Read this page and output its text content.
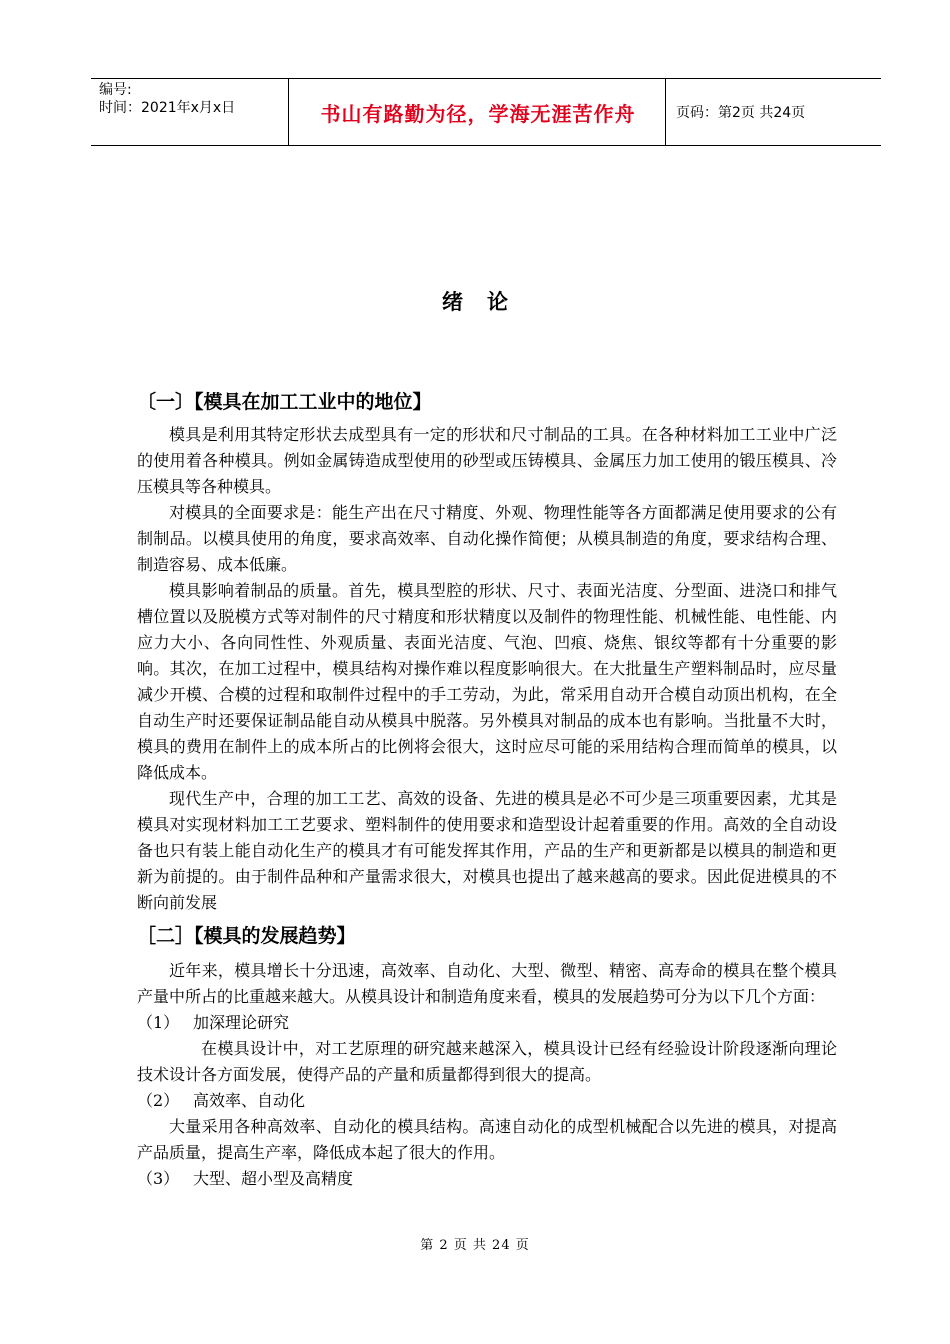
编号:
时间：2021年x月x日	书山有路勤为径，学海无涯苦作舟	页码：第2页 共24页
绪论
〔一〕【模具在加工工业中的地位】

模具是利用其特定形状去成型具有一定的形状和尺寸制品的工具。在各种材料加工工业中广泛的使用着各种模具。例如金属铸造成型使用的砂型或压铸模具、金属压力加工使用的锻压模具、冷压模具等各种模具。

对模具的全面要求是：能生产出在尺寸精度、外观、物理性能等各方面都满足使用要求的公有制制品。以模具使用的角度，要求高效率、自动化操作简便；从模具制造的角度，要求结构合理、制造容易、成本低廉。

模具影响着制品的质量。首先，模具型腔的形状、尺寸、表面光洁度、分型面、进浇口和排气槽位置以及脱模方式等对制件的尺寸精度和形状精度以及制件的物理性能、机械性能、电性能、内应力大小、各向同性性、外观质量、表面光洁度、气泡、凹痕、烧焦、银纹等都有十分重要的影响。其次，在加工过程中，模具结构对操作难以程度影响很大。在大批量生产塑料制品时，应尽量减少开模、合模的过程和取制件过程中的手工劳动，为此，常采用自动开合模自动顶出机构，在全自动生产时还要保证制品能自动从模具中脱落。另外模具对制品的成本也有影响。当批量不大时，模具的费用在制件上的成本所占的比例将会很大，这时应尽可能的采用结构合理而简单的模具，以降低成本。

现代生产中，合理的加工工艺、高效的设备、先进的模具是必不可少是三项重要因素，尤其是模具对实现材料加工工艺要求、塑料制件的使用要求和造型设计起着重要的作用。高效的全自动设备也只有装上能自动化生产的模具才有可能发挥其作用，产品的生产和更新都是以模具的制造和更新为前提的。由于制件品种和产量需求很大，对模具也提出了越来越高的要求。因此促进模具的不断向前发展

［二］【模具的发展趋势】

近年来，模具增长十分迅速，高效率、自动化、大型、微型、精密、高寿命的模具在整个模具产量中所占的比重越来越大。从模具设计和制造角度来看，模具的发展趋势可分为以下几个方面：

（1） 加深理论研究

在模具设计中，对工艺原理的研究越来越深入，模具设计已经有经验设计阶段逐渐向理论技术设计各方面发展，使得产品的产量和质量都得到很大的提高。

（2） 高效率、自动化

大量采用各种高效率、自动化的模具结构。高速自动化的成型机械配合以先进的模具，对提高产品质量，提高生产率，降低成本起了很大的作用。

（3） 大型、超小型及高精度
第 2 页 共 24 页
